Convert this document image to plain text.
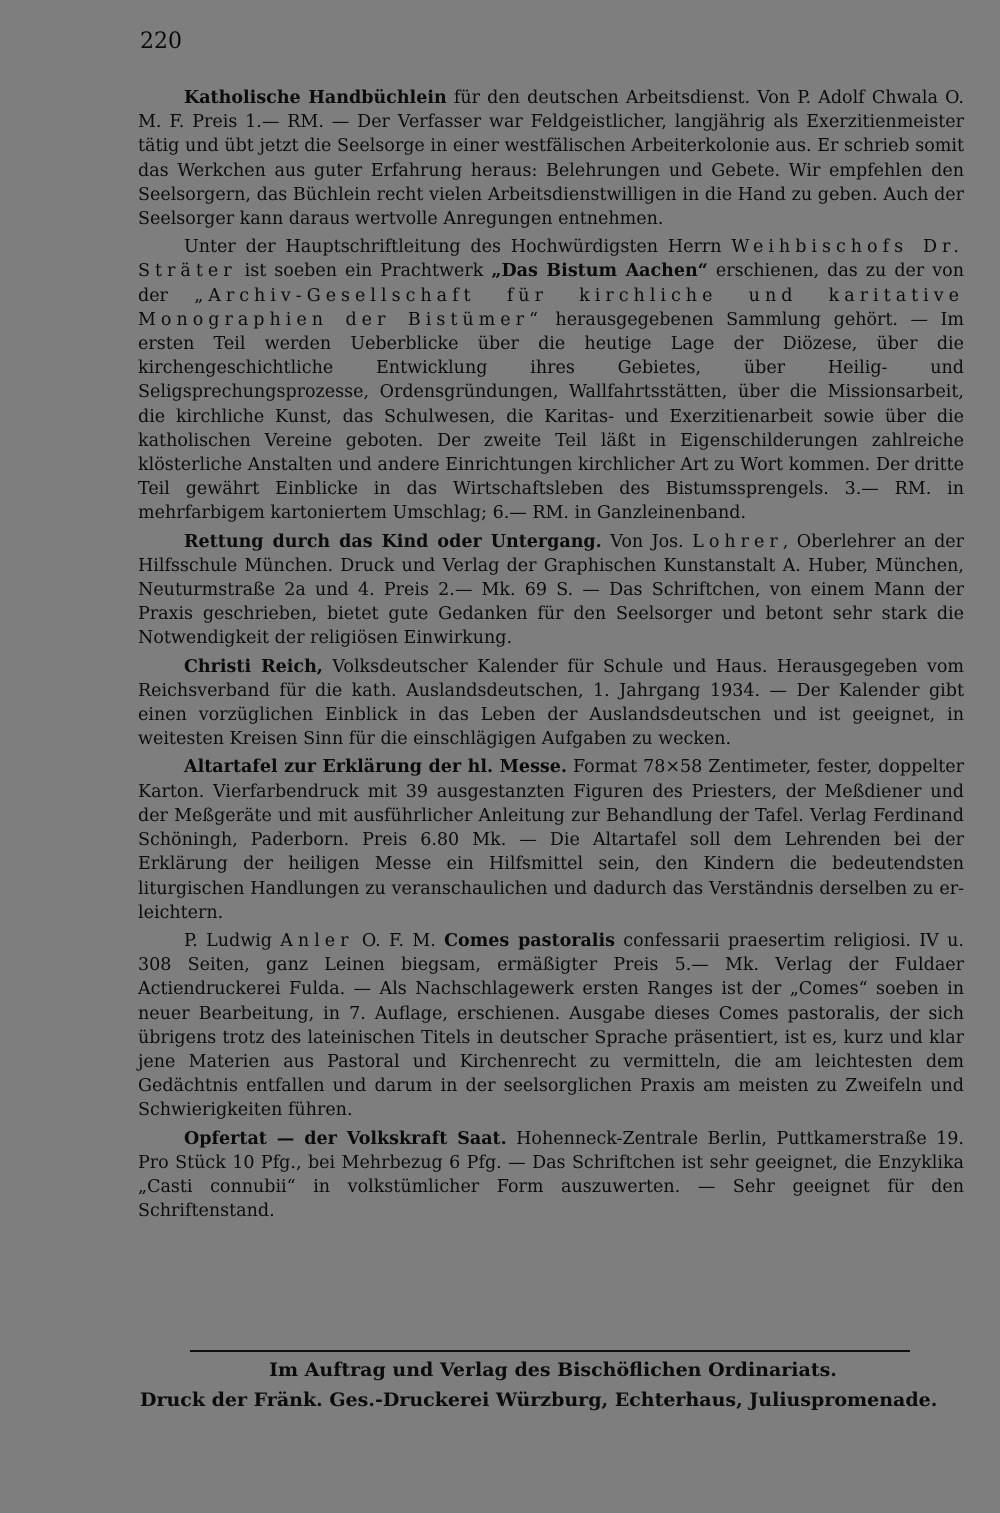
220

Katholische Handbüchlein für den deutschen Arbeitsdienst. Von P. Adolf Chwala O. M. F. Preis 1.— RM. — Der Verfasser war Feldgeistlicher, langjährig als Exerzitienmeister tätig und übt jetzt die Seelsorge in einer westfälischen Arbeiterkolonie aus. Er schrieb somit das Werkchen aus guter Erfahrung heraus: Belehrungen und Gebete. Wir empfehlen den Seelsorgern, das Büchlein recht vielen Arbeitsdienstwilligen in die Hand zu geben. Auch der Seelsorger kann daraus wertvolle Anregungen entnehmen.

Unter der Hauptschriftleitung des Hochwürdigsten Herrn Weihbischofs Dr. Sträter ist soeben ein Prachtwerk „Das Bistum Aachen“ erschienen, das zu der von der „Archiv-Gesellschaft für kirchliche und karitative Monographien der Bistümer“ herausgegebenen Sammlung gehört. — Im ersten Teil werden Ueberblicke über die heutige Lage der Diözese, über die kirchengeschichtliche Entwicklung ihres Gebietes, über Heilig- und Seligsprechungsprozesse, Ordensgründungen, Wallfahrtsstätten, über die Missionsarbeit, die kirchliche Kunst, das Schulwesen, die Karitas- und Exerzitienarbeit sowie über die katholischen Vereine geboten. Der zweite Teil läßt in Eigenschilderungen zahlreiche klösterliche Anstalten und andere Einrichtungen kirchlicher Art zu Wort kommen. Der dritte Teil gewährt Einblicke in das Wirtschaftsleben des Bistumssprengels. 3.— RM. in mehrfarbigem kartoniertem Umschlag; 6.— RM. in Ganzleinenband.

Rettung durch das Kind oder Untergang. Von Jos. Lohrer, Oberlehrer an der Hilfsschule München. Druck und Verlag der Graphischen Kunstanstalt A. Huber, München, Neuturmstraße 2a und 4. Preis 2.— Mk. 69 S. — Das Schriftchen, von einem Mann der Praxis geschrieben, bietet gute Gedanken für den Seelsorger und betont sehr stark die Notwendigkeit der religiösen Einwirkung.

Christi Reich, Volksdeutscher Kalender für Schule und Haus. Herausgegeben vom Reichsverband für die kath. Auslandsdeutschen, 1. Jahrgang 1934. — Der Kalender gibt einen vorzüglichen Einblick in das Leben der Auslandsdeutschen und ist geeignet, in weitesten Kreisen Sinn für die einschlägigen Aufgaben zu wecken.

Altartafel zur Erklärung der hl. Messe. Format 78×58 Zentimeter, fester, doppelter Karton. Vierfarbendruck mit 39 ausgestanzten Figuren des Priesters, der Meßdiener und der Meßgeräte und mit ausführlicher Anleitung zur Behandlung der Tafel. Verlag Ferdinand Schöningh, Paderborn. Preis 6.80 Mk. — Die Altartafel soll dem Lehrenden bei der Erklärung der heiligen Messe ein Hilfsmittel sein, den Kindern die bedeutendsten liturgischen Handlungen zu veranschaulichen und dadurch das Verständnis derselben zu erleichtern.

P. Ludwig Anler O. F. M. Comes pastoralis confessarii praesertim religiosi. IV u. 308 Seiten, ganz Leinen biegsam, ermäßigter Preis 5.— Mk. Verlag der Fuldaer Actiendruckerei Fulda. — Als Nachschlagewerk ersten Ranges ist der „Comes“ soeben in neuer Bearbeitung, in 7. Auflage, erschienen. Ausgabe dieses Comes pastoralis, der sich übrigens trotz des lateinischen Titels in deutscher Sprache präsentiert, ist es, kurz und klar jene Materien aus Pastoral und Kirchenrecht zu vermitteln, die am leichtesten dem Gedächtnis entfallen und darum in der seelsorglichen Praxis am meisten zu Zweifeln und Schwierigkeiten führen.

Opfertat — der Volkskraft Saat. Hohenneck-Zentrale Berlin, Puttkamerstraße 19. Pro Stück 10 Pfg., bei Mehrbezug 6 Pfg. — Das Schriftchen ist sehr geeignet, die Enzyklika „Casti connubii“ in volkstümlicher Form auszuwerten. — Sehr geeignet für den Schriftenstand.

Im Auftrag und Verlag des Bischöflichen Ordinariats.
Druck der Fränk. Ges.-Druckerei Würzburg, Echterhaus, Juliuspromenade.
